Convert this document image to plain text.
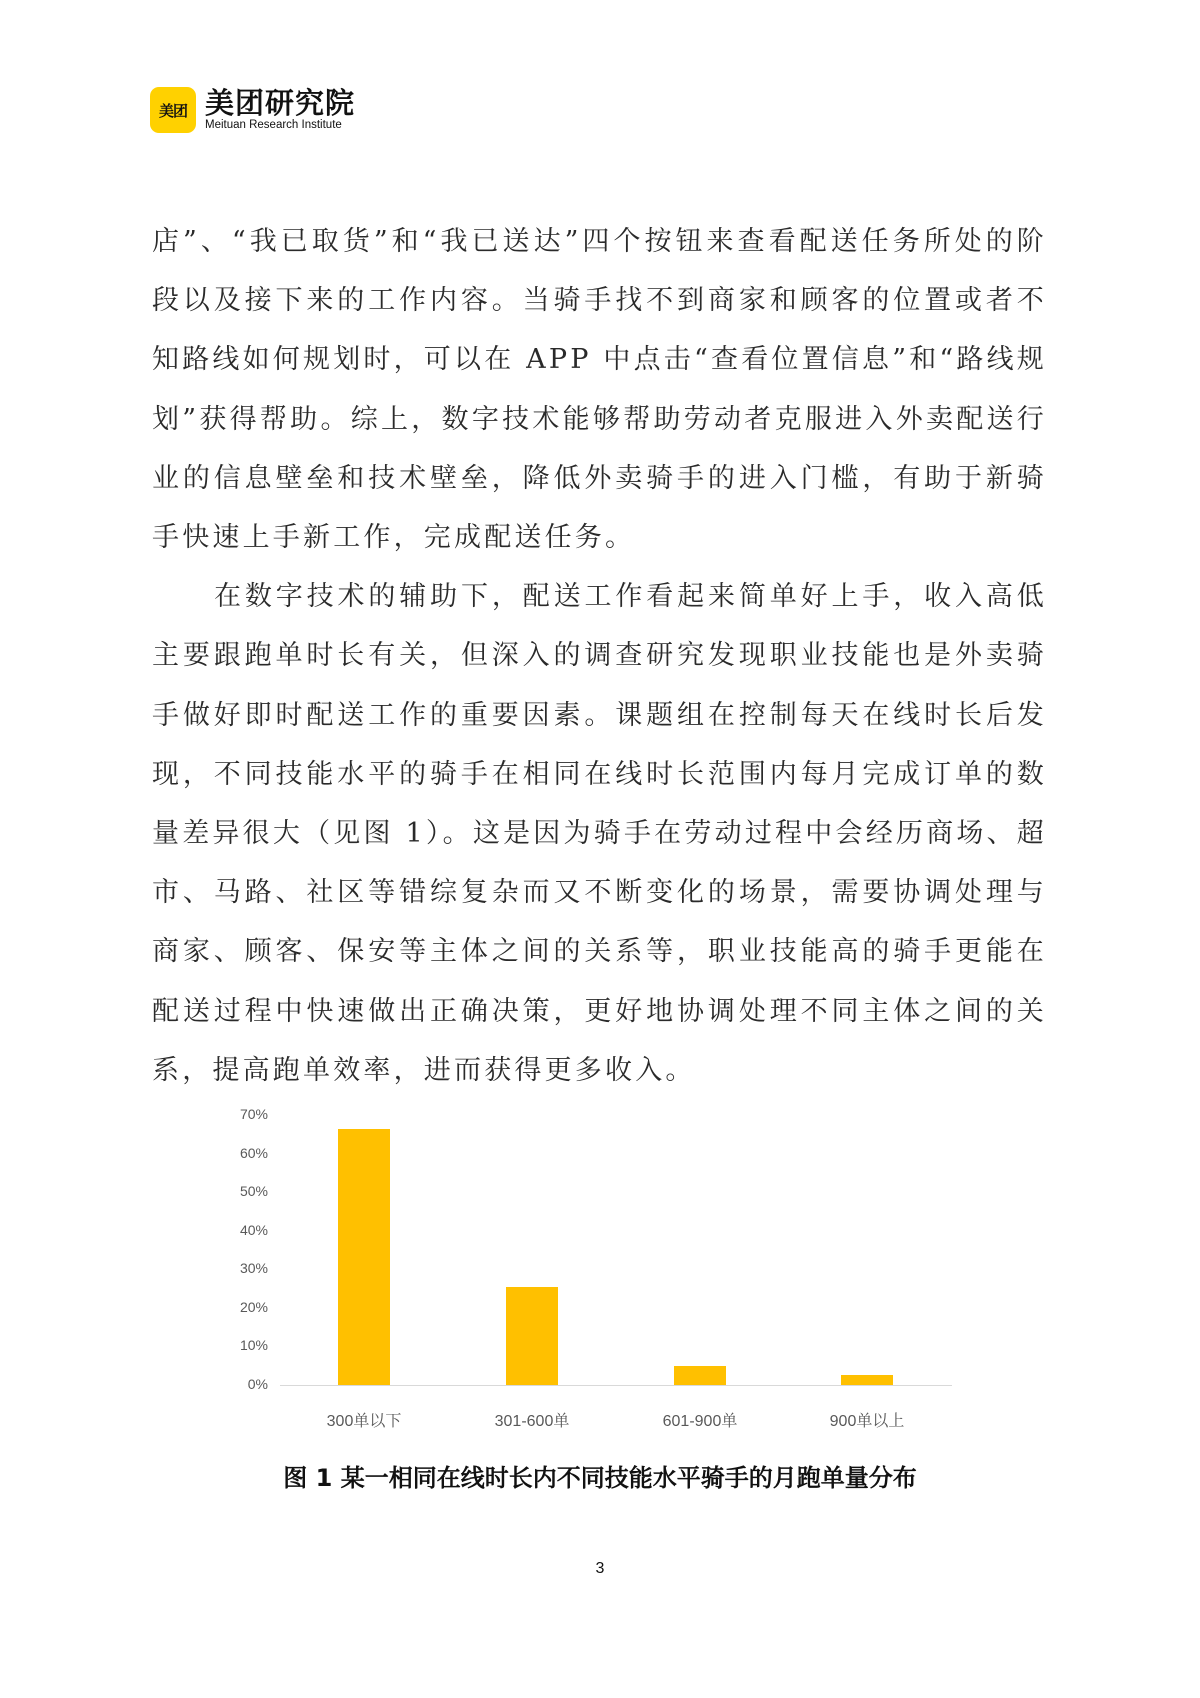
美团 美团研究院
Meituan Research Institute

店”、“我已取货”和“我已送达”四个按钮来查看配送任务所处的阶段以及接下来的工作内容。当骑手找不到商家和顾客的位置或者不知路线如何规划时，可以在 APP 中点击“查看位置信息”和“路线规划”获得帮助。综上，数字技术能够帮助劳动者克服进入外卖配送行业的信息壁垒和技术壁垒，降低外卖骑手的进入门槛，有助于新骑手快速上手新工作，完成配送任务。

在数字技术的辅助下，配送工作看起来简单好上手，收入高低主要跟跑单时长有关，但深入的调查研究发现职业技能也是外卖骑手做好即时配送工作的重要因素。课题组在控制每天在线时长后发现，不同技能水平的骑手在相同在线时长范围内每月完成订单的数量差异很大（见图 1）。这是因为骑手在劳动过程中会经历商场、超市、马路、社区等错综复杂而又不断变化的场景，需要协调处理与商家、顾客、保安等主体之间的关系等，职业技能高的骑手更能在配送过程中快速做出正确决策，更好地协调处理不同主体之间的关系，提高跑单效率，进而获得更多收入。

0%
10%
20%
30%
40%
50%
60%
70%
300单以下	301-600单	601-900单	900单以上
图 1 某一相同在线时长内不同技能水平骑手的月跑单量分布
3
